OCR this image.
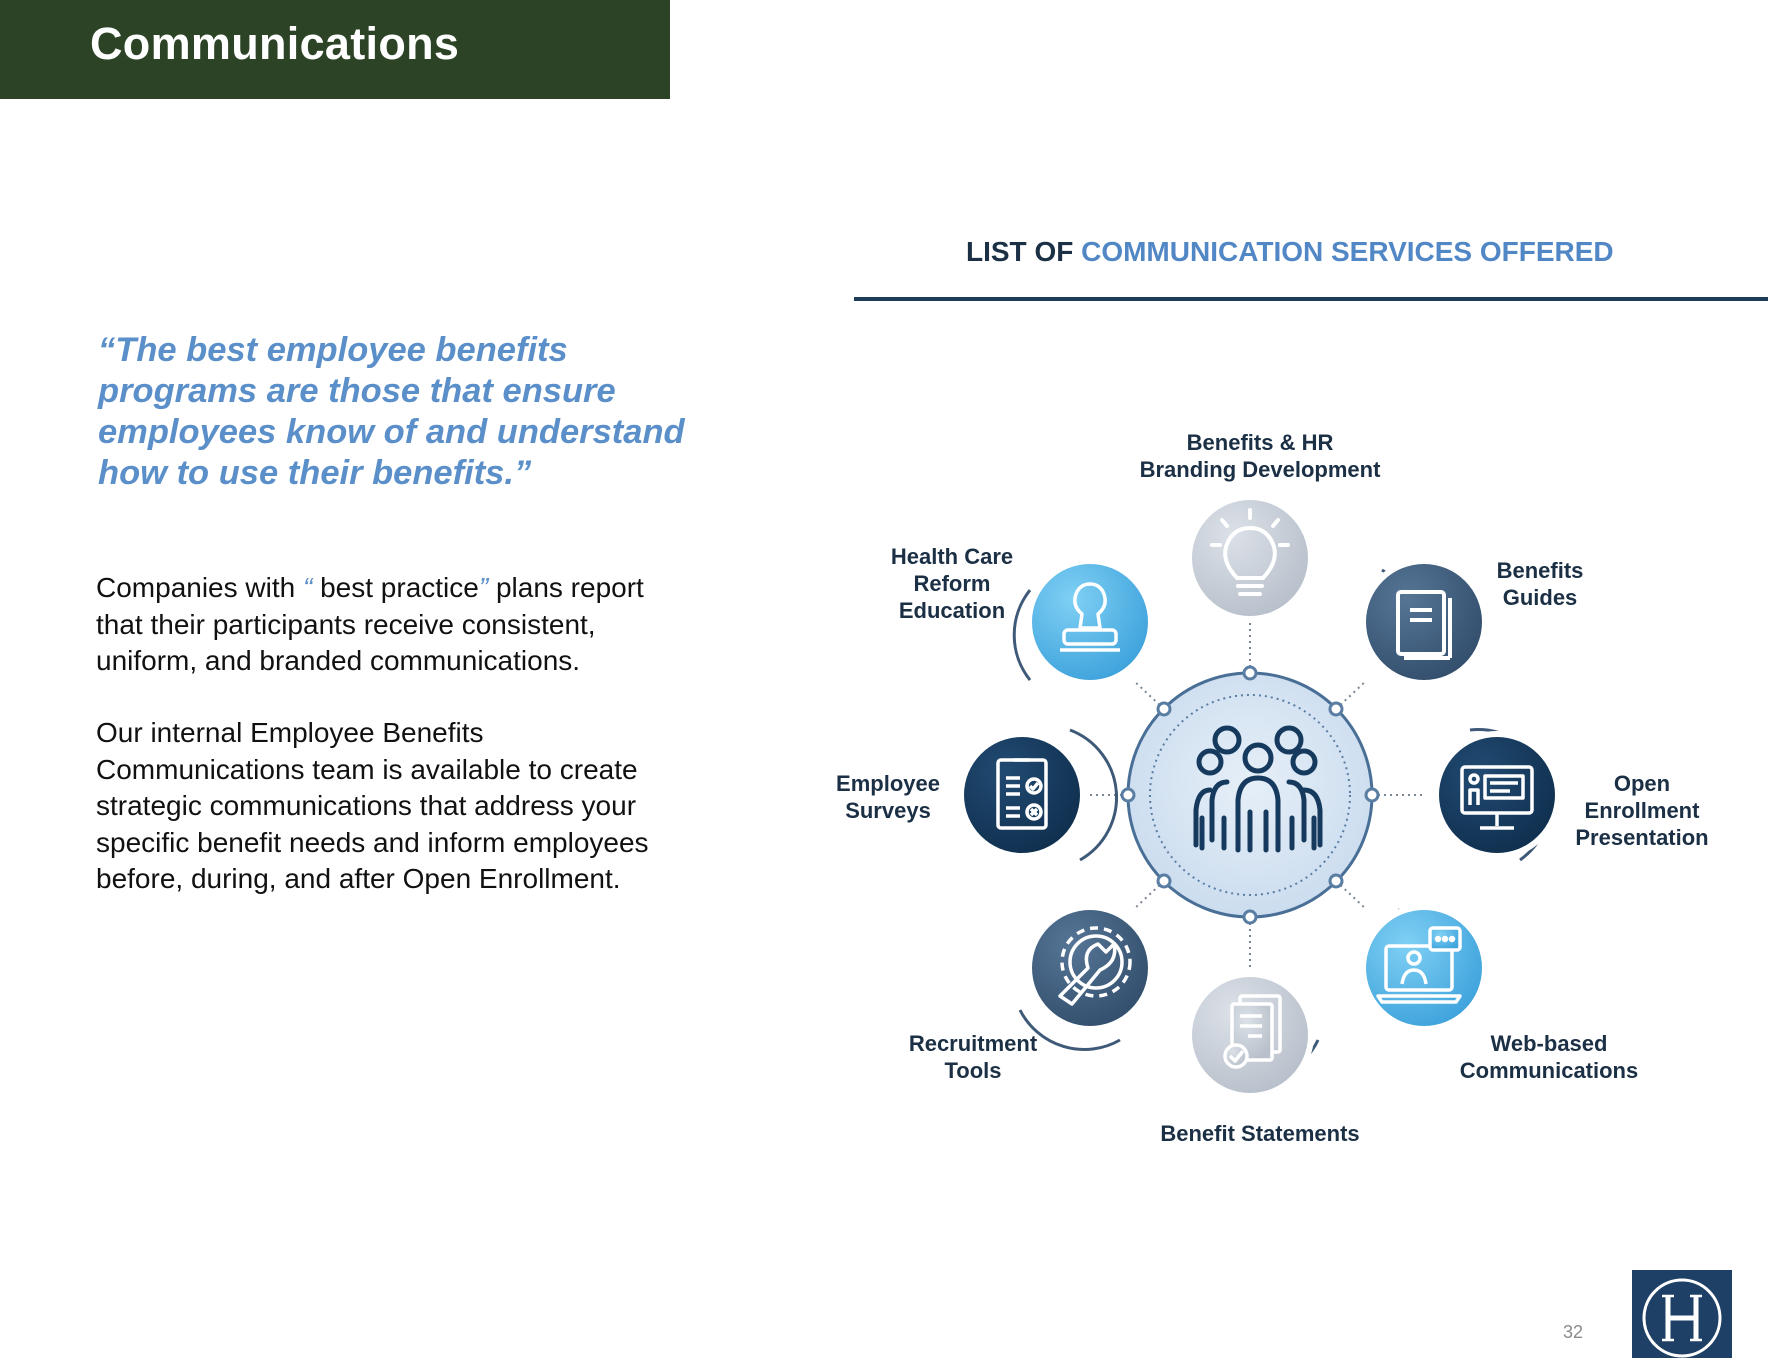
Communications
“The best employee benefits
programs are those that ensure
employees know of and understand
how to use their benefits.”
Companies with “ best practice” plans report
that their participants receive consistent,
uniform, and branded communications.
Our internal Employee Benefits
Communications team is available to create
strategic communications that address your
specific benefit needs and inform employees
before, during, and after Open Enrollment.
LIST OF COMMUNICATION SERVICES OFFERED
Benefits & HR
Branding Development
Benefits
Guides
Open
Enrollment
Presentation
Web-based
Communications
Benefit Statements
Recruitment
Tools
Employee
Surveys
Health Care
Reform
Education
32
